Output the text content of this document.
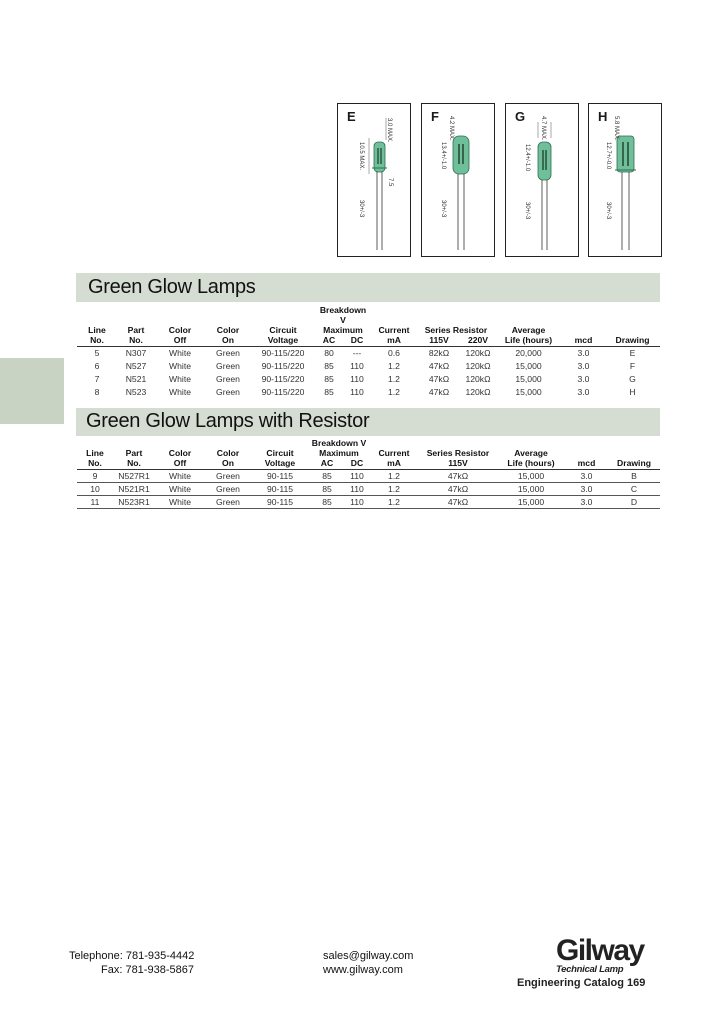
E
3.0 MAX.
10.5 MAX.
7.5
30+/-3
F 4.2 MAX.
13.4+/-1.0
30+/-3
G 4.7 MAX.
12.4+/-1.0
30+/-3
H 5.8 MAX.
12.7+/-0.0
30+/-3
Green Glow Lamps
					Breakdown V							
Line	Part	Color	Color	Circuit	Maximum		Current	Series Resistor		Average		
No.	No.	Off	On	Voltage	AC	DC	mA	115V	220V	Life (hours)	mcd	Drawing
5	N307	White	Green	90-115/220	80	---	0.6	82kΩ	120kΩ	20,000	3.0	E
6	N527	White	Green	90-115/220	85	110	1.2	47kΩ	120kΩ	15,000	3.0	F
7	N521	White	Green	90-115/220	85	110	1.2	47kΩ	120kΩ	15,000	3.0	G
8	N523	White	Green	90-115/220	85	110	1.2	47kΩ	120kΩ	15,000	3.0	H
Green Glow Lamps with Resistor
					Breakdown V						
Line	Part	Color	Color	Circuit	Maximum		Current	Series Resistor	Average		
No.	No.	Off	On	Voltage	AC	DC	mA	115V	Life (hours)	mcd	Drawing
9	N527R1	White	Green	90-115	85	110	1.2	47kΩ	15,000	3.0	B
10	N521R1	White	Green	90-115	85	110	1.2	47kΩ	15,000	3.0	C
11	N523R1	White	Green	90-115	85	110	1.2	47kΩ	15,000	3.0	D
Telephone: 781-935-4442
Fax: 781-938-5867
sales@gilway.com
www.gilway.com
Gilway
Technical Lamp
Engineering Catalog 169
